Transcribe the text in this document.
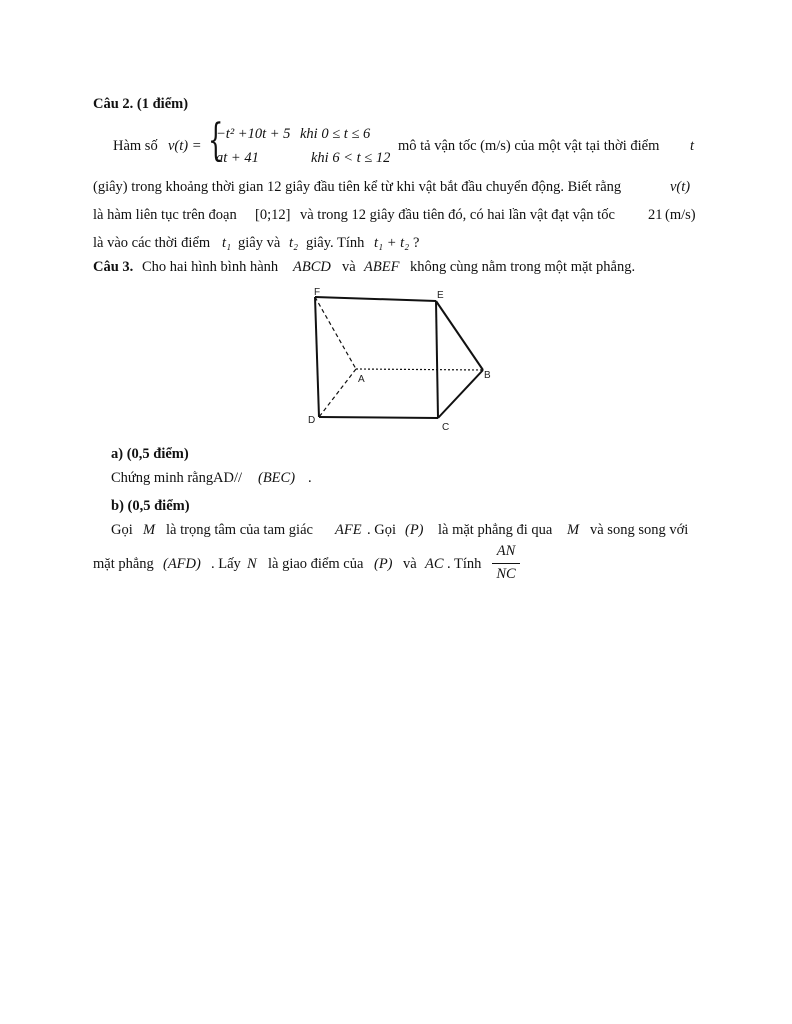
Câu 2. (1 điểm)
Hàm số v(t) = {
−t² +10t + 5 khi 0 ≤ t ≤ 6
at + 41	khi 6 < t ≤ 12
mô tả vận tốc (m/s) của một vật tại thời điểm t
(giây) trong khoảng thời gian 12 giây đầu tiên kể từ khi vật bắt đầu chuyển động. Biết rằng	v(t)
là hàm liên tục trên đoạn [0;12] và trong 12 giây đầu tiên đó, có hai lần vật đạt vận tốc 21 (m/s)
là vào các thời điểm t₁ giây và t₂ giây. Tính t₁ + t₂ ?
Câu 3. Cho hai hình bình hành ABCD và ABEF không cùng nằm trong một mặt phẳng.
F	E
A	B
D
C
a) (0,5 điểm)
Chứng minh rằng AD// (BEC) .
b) (0,5 điểm)
Gọi M là trọng tâm của tam giác AFE . Gọi (P) là mặt phẳng đi qua M và song song với
mặt phẳng (AFD) . Lấy N là giao điểm của (P) và AC . Tính
AN
NC
